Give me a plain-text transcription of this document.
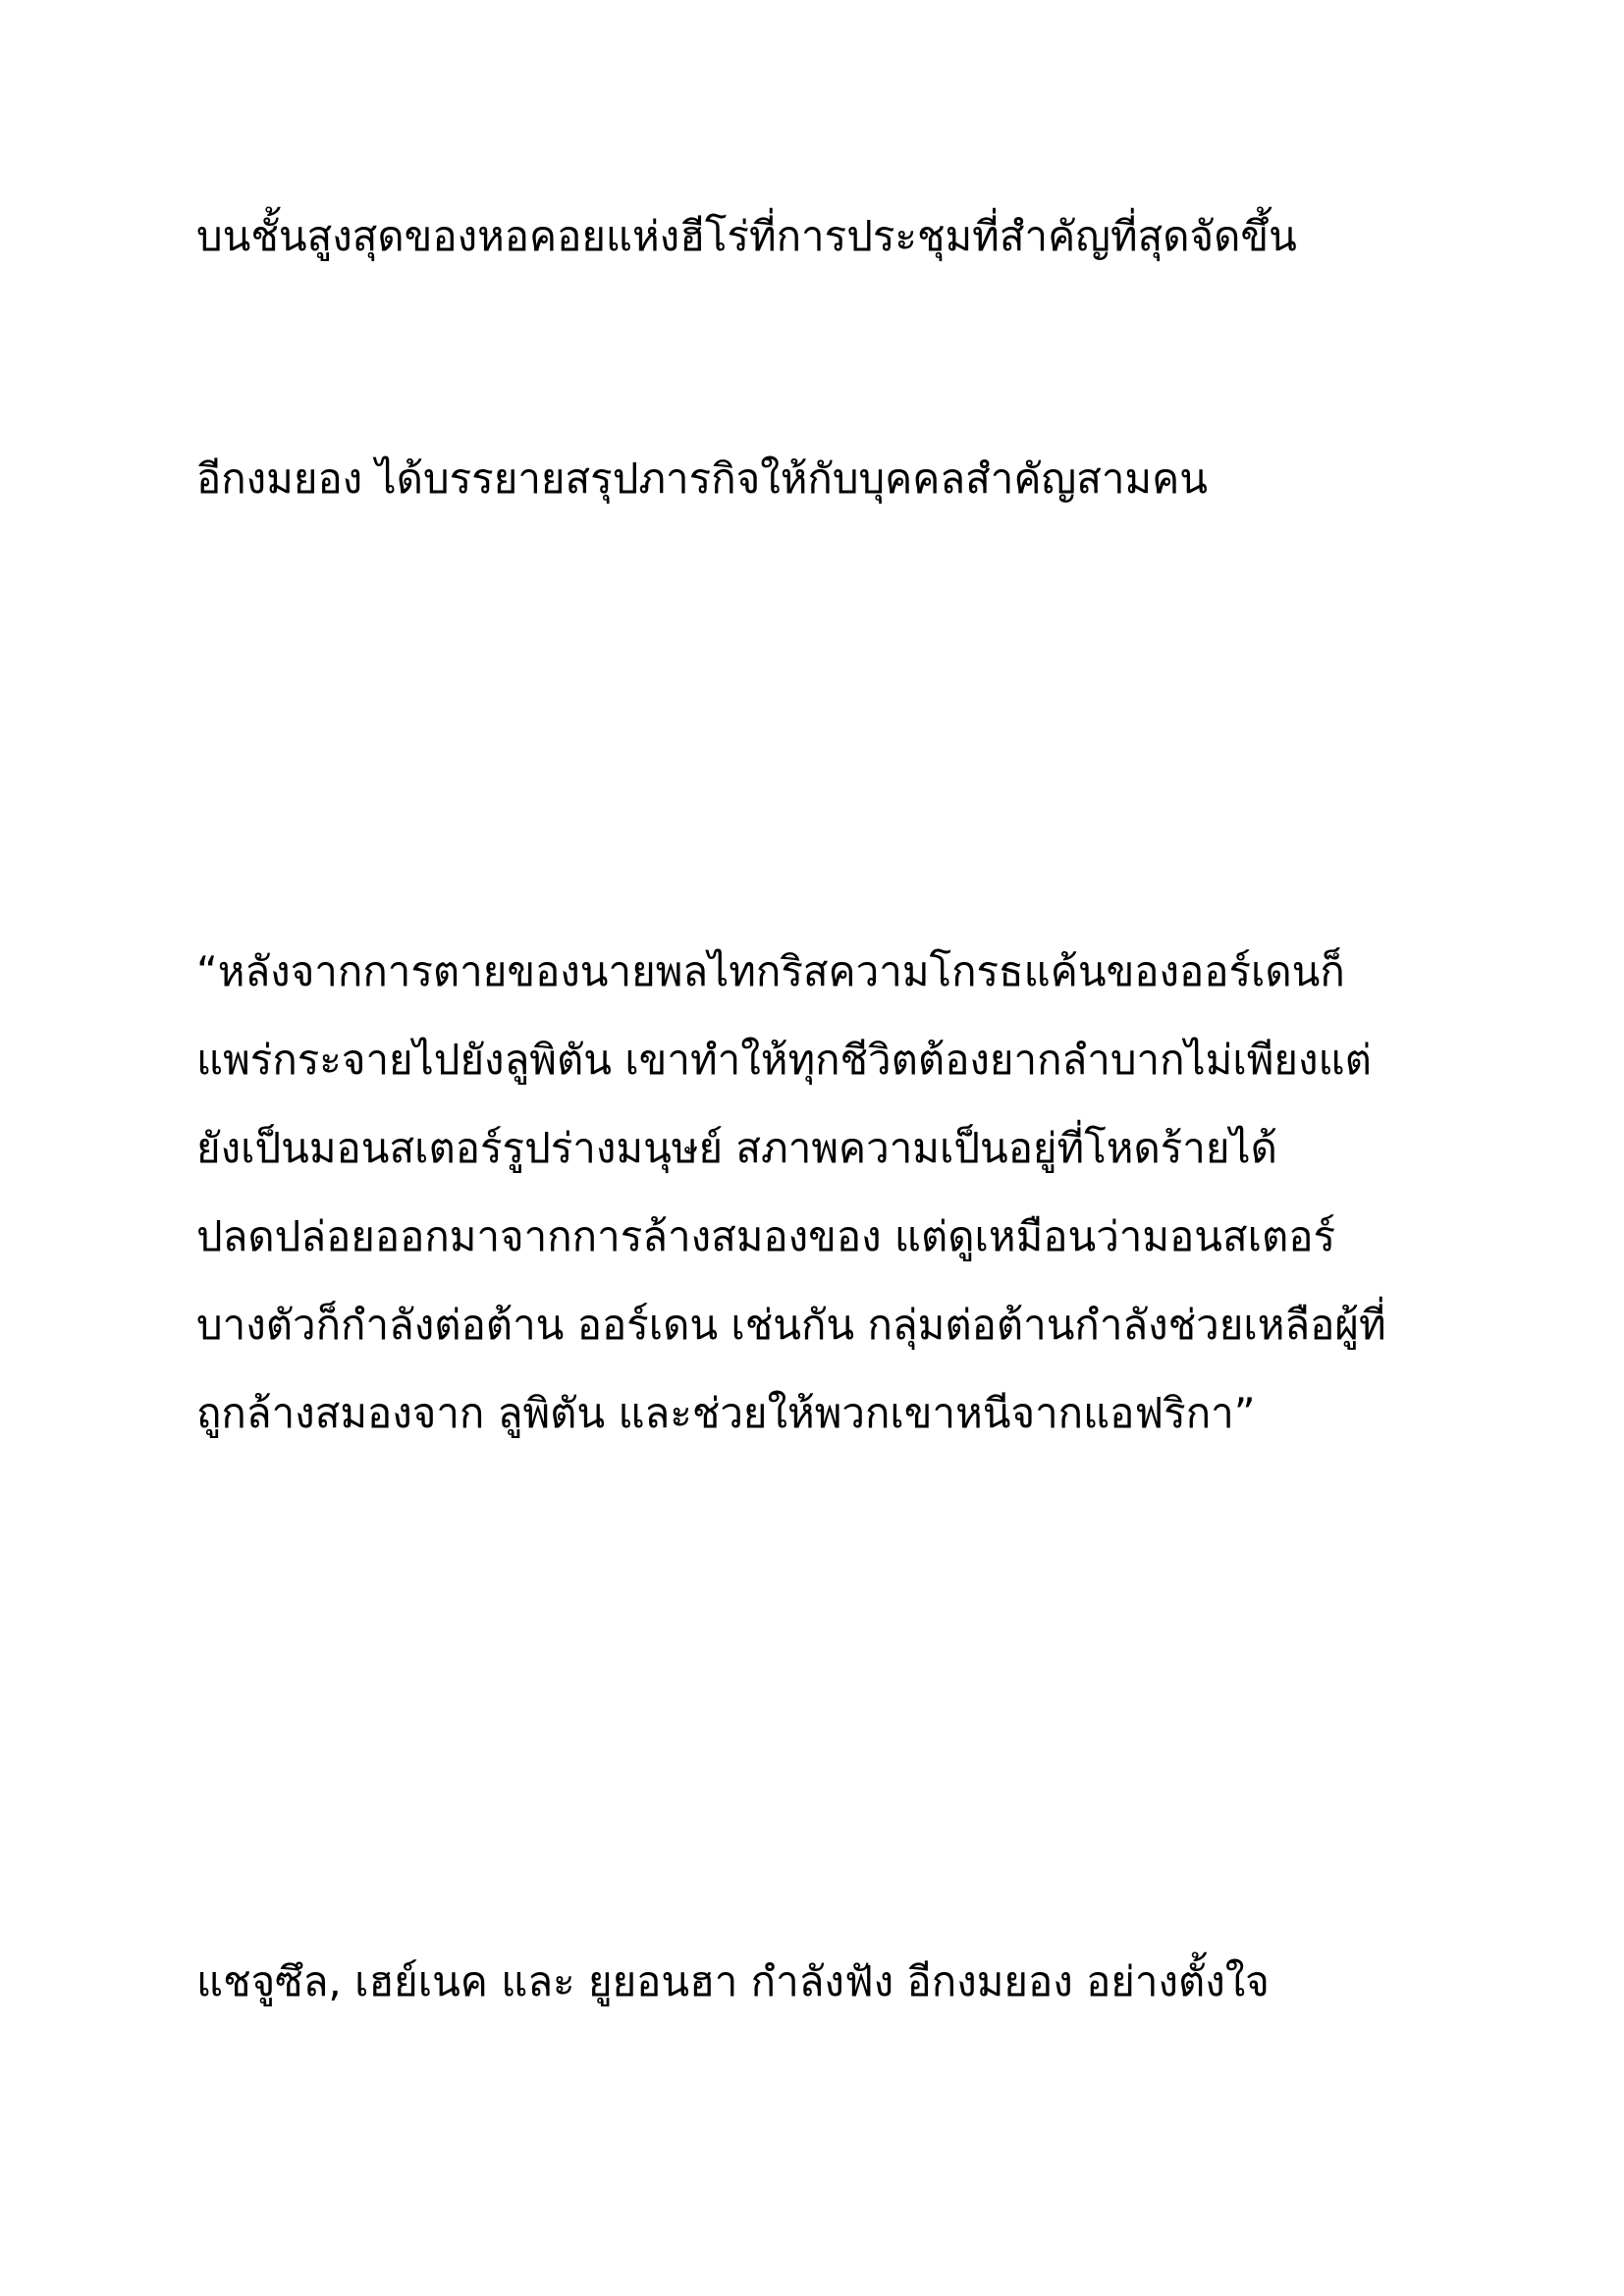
บนชั้นสูงสุดของหอคอยแห่งฮีโร่ที่การประชุมที่สำคัญที่สุดจัดขึ้น

อีกงมยอง ได้บรรยายสรุปภารกิจให้กับบุคคลสำคัญสามคน

“หลังจากการตายของนายพลไทกริสความโกรธแค้นของออร์เดนก็
แพร่กระจายไปยังลูพิตัน เขาทำให้ทุกชีวิตต้องยากลำบากไม่เพียงแต่
ยังเป็นมอนสเตอร์รูปร่างมนุษย์ สภาพความเป็นอยู่ที่โหดร้ายได้
ปลดปล่อยออกมาจากการล้างสมองของ แต่ดูเหมือนว่ามอนสเตอร์
บางตัวก็กำลังต่อต้าน ออร์เดน เช่นกัน กลุ่มต่อต้านกำลังช่วยเหลือผู้ที่
ถูกล้างสมองจาก ลูพิตัน และช่วยให้พวกเขาหนีจากแอฟริกา”

แชจูซึล, เฮย์เนค และ ยูยอนฮา กำลังฟัง อีกงมยอง อย่างตั้งใจ
